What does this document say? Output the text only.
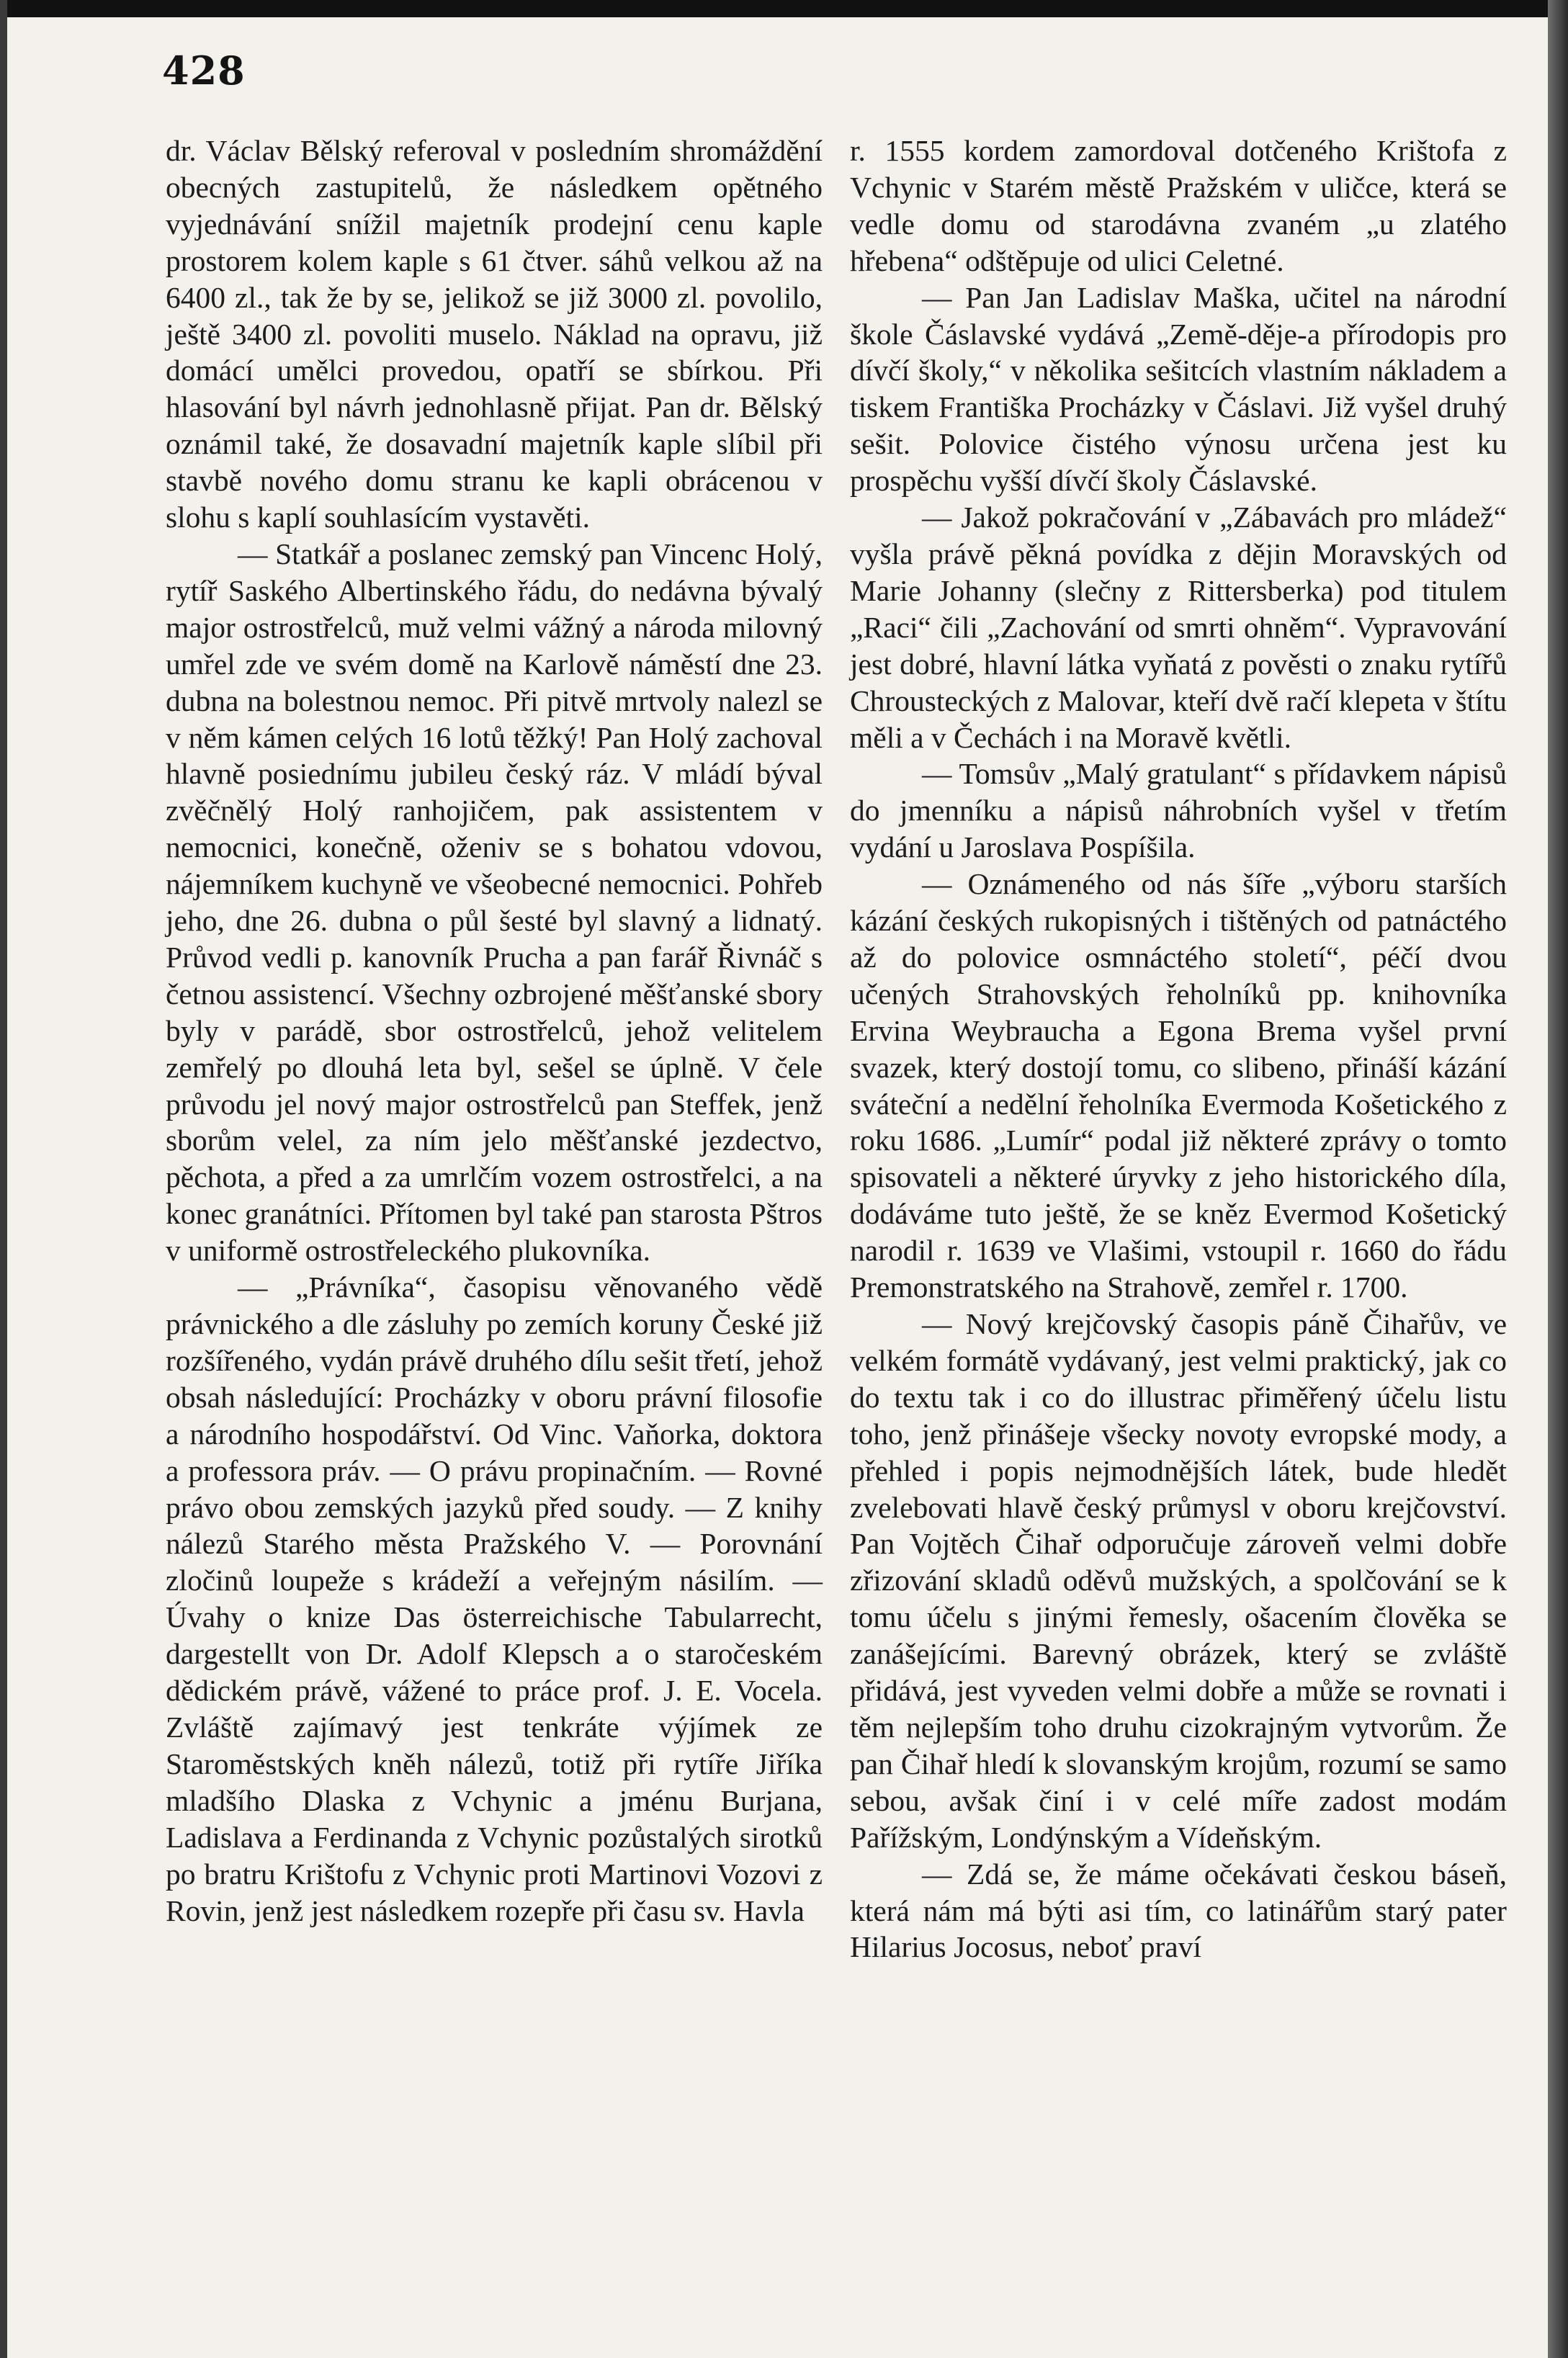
428

dr. Václav Bělský referoval v posledním shromáždění obecných zastupitelů, že následkem opětného vyjednávání snížil majetník prodejní cenu kaple prostorem kolem kaple s 61 čtver. sáhů velkou až na 6400 zl., tak že by se, jelikož se již 3000 zl. povolilo, ještě 3400 zl. povoliti muselo. Náklad na opravu, již domácí umělci provedou, opatří se sbírkou. Při hlasování byl návrh jednohlasně přijat. Pan dr. Bělský oznámil také, že dosavadní majetník kaple slíbil při stavbě nového domu stranu ke kapli obrácenou v slohu s kaplí souhlasícím vystavěti.

— Statkář a poslanec zemský pan Vincenc Holý, rytíř Saského Albertinského řádu, do nedávna bývalý major ostrostřelců, muž velmi vážný a národa milovný umřel zde ve svém domě na Karlově náměstí dne 23. dubna na bolestnou nemoc. Při pitvě mrtvoly nalezl se v něm kámen celých 16 lotů těžký! Pan Holý zachoval hlavně posiednímu jubileu český ráz. V mládí býval zvěčnělý Holý ranhojičem, pak assistentem v nemocnici, konečně, oženiv se s bohatou vdovou, nájemníkem kuchyně ve všeobecné nemocnici. Pohřeb jeho, dne 26. dubna o půl šesté byl slavný a lidnatý. Průvod vedli p. kanovník Prucha a pan farář Řivnáč s četnou assistencí. Všechny ozbrojené měšťanské sbory byly v parádě, sbor ostrostřelců, jehož velitelem zemřelý po dlouhá leta byl, sešel se úplně. V čele průvodu jel nový major ostrostřelců pan Steffek, jenž sborům velel, za ním jelo měšťanské jezdectvo, pěchota, a před a za umrlčím vozem ostrostřelci, a na konec granátníci. Přítomen byl také pan starosta Pštros v uniformě ostrostřeleckého plukovníka.

— „Právníka“, časopisu věnovaného vědě právnického a dle zásluhy po zemích koruny České již rozšířeného, vydán právě druhého dílu sešit třetí, jehož obsah následující: Procházky v oboru právní filosofie a národního hospodářství. Od Vinc. Vaňorka, doktora a professora práv. — O právu propinačním. — Rovné právo obou zemských jazyků před soudy. — Z knihy nálezů Starého města Pražského V. — Porovnání zločinů loupeže s krádeží a veřejným násilím. — Úvahy o knize Das österreichische Tabularrecht, dargestellt von Dr. Adolf Klepsch a o staročeském dědickém právě, vážené to práce prof. J. E. Vocela. Zvláště zajímavý jest tenkráte výjímek ze Staroměstských kněh nálezů, totiž při rytíře Jiříka mladšího Dlaska z Vchynic a jménu Burjana, Ladislava a Ferdinanda z Vchynic pozůstalých sirotků po bratru Krištofu z Vchynic proti Martinovi Vozovi z Rovin, jenž jest následkem rozepře při času sv. Havla

r. 1555 kordem zamordoval dotčeného Krištofa z Vchynic v Starém městě Pražském v uličce, která se vedle domu od starodávna zvaném „u zlatého hřebena“ odštěpuje od ulici Celetné.

— Pan Jan Ladislav Maška, učitel na národní škole Čáslavské vydává „Země-děje-a přírodopis pro dívčí školy,“ v několika sešitcích vlastním nákladem a tiskem Františka Procházky v Čáslavi. Již vyšel druhý sešit. Polovice čistého výnosu určena jest ku prospěchu vyšší dívčí školy Čáslavské.

— Jakož pokračování v „Zábavách pro mládež“ vyšla právě pěkná povídka z dějin Moravských od Marie Johanny (slečny z Rittersberka) pod titulem „Raci“ čili „Zachování od smrti ohněm“. Vypravování jest dobré, hlavní látka vyňatá z pověsti o znaku rytířů Chrousteckých z Malovar, kteří dvě račí klepeta v štítu měli a v Čechách i na Moravě květli.

— Tomsův „Malý gratulant“ s přídavkem nápisů do jmenníku a nápisů náhrobních vyšel v třetím vydání u Jaroslava Pospíšila.

— Oznámeného od nás šíře „výboru starších kázání českých rukopisných i tištěných od patnáctého až do polovice osmnáctého století“, péčí dvou učených Strahovských řeholníků pp. knihovníka Ervina Weybraucha a Egona Brema vyšel první svazek, který dostojí tomu, co slibeno, přináší kázání sváteční a nedělní řeholníka Evermoda Košetického z roku 1686. „Lumír“ podal již některé zprávy o tomto spisovateli a některé úryvky z jeho historického díla, dodáváme tuto ještě, že se kněz Evermod Košetický narodil r. 1639 ve Vlašimi, vstoupil r. 1660 do řádu Premonstratského na Strahově, zemřel r. 1700.

— Nový krejčovský časopis páně Čihařův, ve velkém formátě vydávaný, jest velmi praktický, jak co do textu tak i co do illustrac přiměřený účelu listu toho, jenž přinášeje všecky novoty evropské mody, a přehled i popis nejmodnějších látek, bude hledět zvelebovati hlavě český průmysl v oboru krejčovství. Pan Vojtěch Čihař odporučuje zároveň velmi dobře zřizování skladů oděvů mužských, a spolčování se k tomu účelu s jinými řemesly, ošacením člověka se zanášejícími. Barevný obrázek, který se zvláště přidává, jest vyveden velmi dobře a může se rovnati i těm nejlepším toho druhu cizokrajným vytvorům. Že pan Čihař hledí k slovanským krojům, rozumí se samo sebou, avšak činí i v celé míře zadost modám Pařížským, Londýnským a Vídeňským.

— Zdá se, že máme očekávati českou báseň, která nám má býti asi tím, co latinářům starý pater Hilarius Jocosus, neboť praví
